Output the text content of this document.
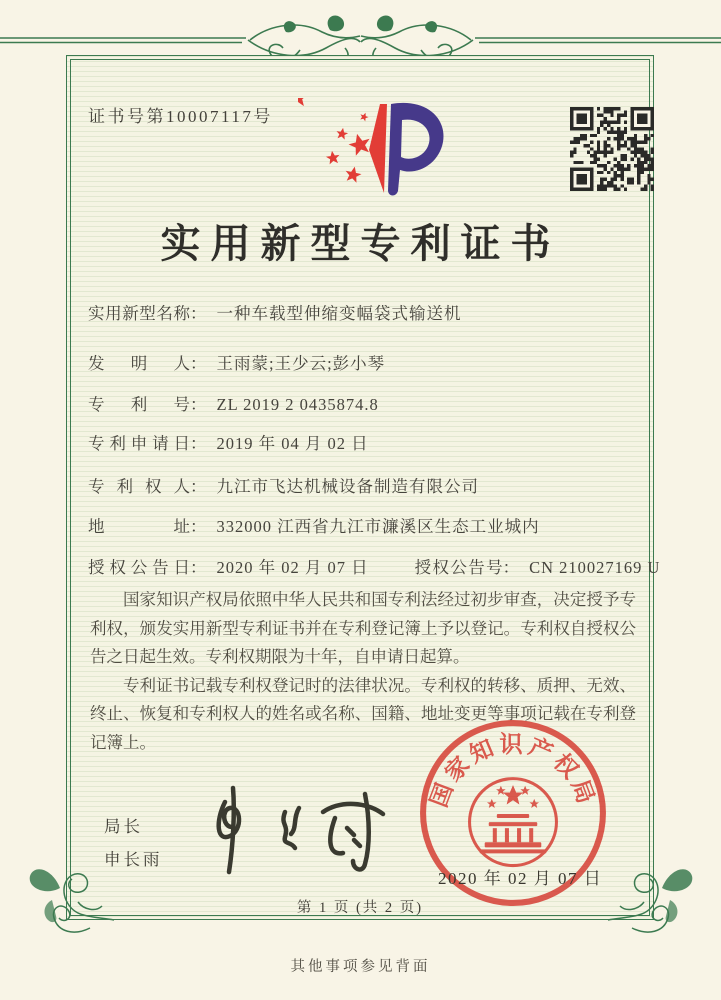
证书号第10007117号
实用新型专利证书
实用新型名称： 一种车载型伸缩变幅袋式输送机
发明人： 王雨蒙;王少云;彭小琴
专利号： ZL 2019 2 0435874.8
专利申请日： 2019 年 04 月 02 日
专利权人： 九江市飞达机械设备制造有限公司
地址： 332000 江西省九江市濂溪区生态工业城内
授权公告日： 2020 年 02 月 07 日	授权公告号： CN 210027169 U

国家知识产权局依照中华人民共和国专利法经过初步审查，决定授予专利权，颁发实用新型专利证书并在专利登记簿上予以登记。专利权自授权公告之日起生效。专利权期限为十年，自申请日起算。

专利证书记载专利权登记时的法律状况。专利权的转移、质押、无效、终止、恢复和专利权人的姓名或名称、国籍、地址变更等事项记载在专利登记簿上。

局长
申长雨
国家知识产权局
2020 年 02 月 07 日
第 1 页 (共 2 页)
其他事项参见背面
